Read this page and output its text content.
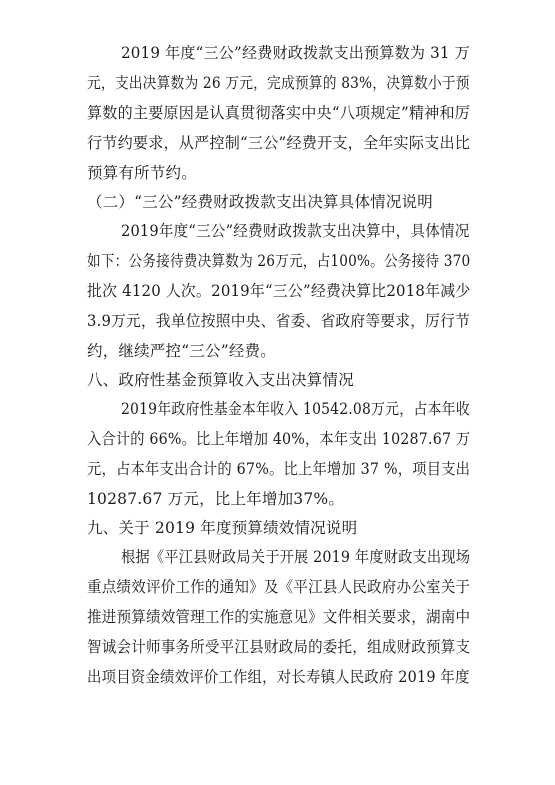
2019 年度“三公”经费财政拨款支出预算数为 31 万
元，支出决算数为 26 万元，完成预算的 83%，决算数小于预
算数的主要原因是认真贯彻落实中央“八项规定”精神和厉
行节约要求，从严控制“三公”经费开支，全年实际支出比
预算有所节约。
（二）“三公”经费财政拨款支出决算具体情况说明
2019年度“三公”经费财政拨款支出决算中，具体情况
如下：公务接待费决算数为 26万元，占100%。公务接待 370
批次 4120 人次。2019年“三公”经费决算比2018年减少
3.9万元，我单位按照中央、省委、省政府等要求，厉行节
约，继续严控“三公”经费。
八、政府性基金预算收入支出决算情况
2019年政府性基金本年收入 10542.08万元，占本年收
入合计的 66%。比上年增加 40%，本年支出 10287.67 万
元，占本年支出合计的 67%。比上年增加 37 %，项目支出
10287.67 万元，比上年增加37%。
九、关于 2019 年度预算绩效情况说明
根据《平江县财政局关于开展 2019 年度财政支出现场
重点绩效评价工作的通知》及《平江县人民政府办公室关于
推进预算绩效管理工作的实施意见》文件相关要求，湖南中
智诚会计师事务所受平江县财政局的委托，组成财政预算支
出项目资金绩效评价工作组，对长寿镇人民政府 2019 年度
